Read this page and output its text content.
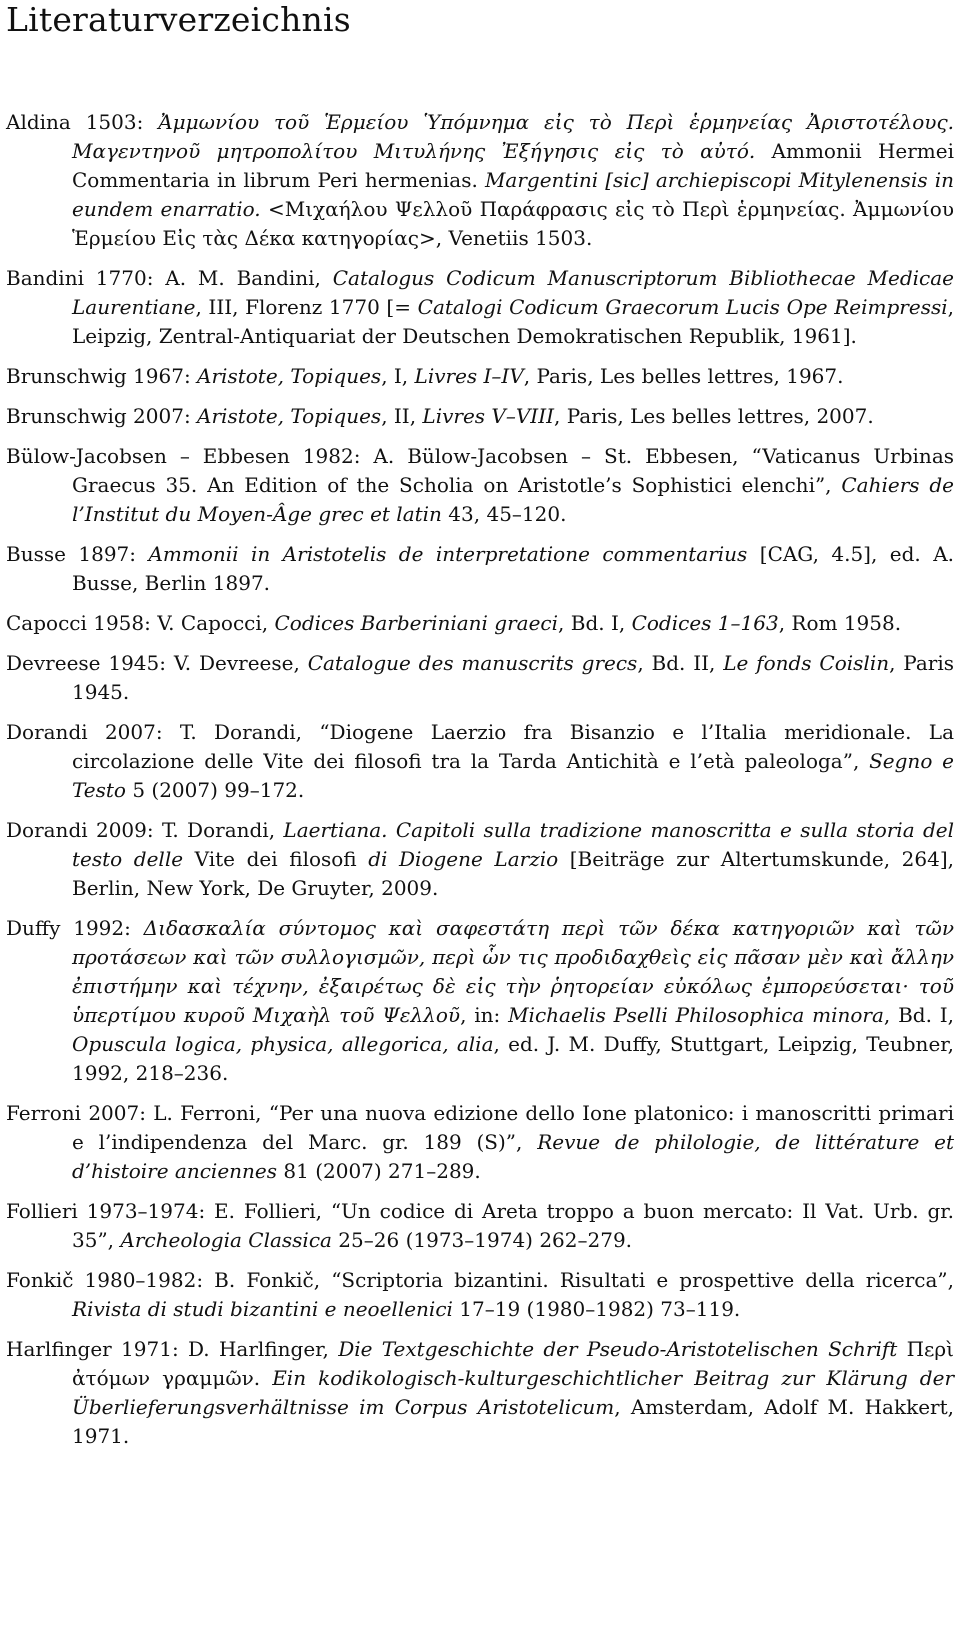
Literaturverzeichnis

Aldina 1503: Ἀμμωνίου τοῦ Ἑρμείου Ὑπόμνημα εἰς τὸ Περὶ ἑρμηνείας Ἀριστοτέλους. Μαγεντηνοῦ μητροπολίτου Μιτυλήνης Ἐξήγησις εἰς τὸ αὐτό. Ammonii Hermei Commentaria in librum Peri hermenias. Margentini [sic] archiepiscopi Mitylenensis in eundem enarratio. <Μιχαήλου Ψελλοῦ Παράφρασις εἰς τὸ Περὶ ἑρμηνείας. Ἀμμωνίου Ἑρμείου Εἰς τὰς Δέκα κατηγορίας>, Venetiis 1503.

Bandini 1770: A. M. Bandini, Catalogus Codicum Manuscriptorum Bibliothecae Medicae Laurentiane, III, Florenz 1770 [= Catalogi Codicum Graecorum Lucis Ope Reimpressi, Leipzig, Zentral-Antiquariat der Deutschen Demokratischen Republik, 1961].

Brunschwig 1967: Aristote, Topiques, I, Livres I–IV, Paris, Les belles lettres, 1967.

Brunschwig 2007: Aristote, Topiques, II, Livres V–VIII, Paris, Les belles lettres, 2007.

Bülow-Jacobsen – Ebbesen 1982: A. Bülow-Jacobsen – St. Ebbesen, “Vaticanus Urbinas Graecus 35. An Edition of the Scholia on Aristotle’s Sophistici elenchi”, Cahiers de l’Institut du Moyen-Âge grec et latin 43, 45–120.

Busse 1897: Ammonii in Aristotelis de interpretatione commentarius [CAG, 4.5], ed. A. Busse, Berlin 1897.

Capocci 1958: V. Capocci, Codices Barberiniani graeci, Bd. I, Codices 1–163, Rom 1958.

Devreese 1945: V. Devreese, Catalogue des manuscrits grecs, Bd. II, Le fonds Coislin, Paris 1945.

Dorandi 2007: T. Dorandi, “Diogene Laerzio fra Bisanzio e l’Italia meridionale. La circolazione delle Vite dei filosofi tra la Tarda Antichità e l’età paleologa”, Segno e Testo 5 (2007) 99–172.

Dorandi 2009: T. Dorandi, Laertiana. Capitoli sulla tradizione manoscritta e sulla storia del testo delle Vite dei filosofi di Diogene Larzio [Beiträge zur Altertumskunde, 264], Berlin, New York, De Gruyter, 2009.

Duffy 1992: Διδασκαλία σύντομος καὶ σαφεστάτη περὶ τῶν δέκα κατηγοριῶν καὶ τῶν προτάσεων καὶ τῶν συλλογισμῶν, περὶ ὧν τις προδιδαχθεὶς εἰς πᾶσαν μὲν καὶ ἄλλην ἐπιστήμην καὶ τέχνην, ἐξαιρέτως δὲ εἰς τὴν ῥητορείαν εὐκόλως ἐμπορεύσεται· τοῦ ὑπερτίμου κυροῦ Μιχαὴλ τοῦ Ψελλοῦ, in: Michaelis Pselli Philosophica minora, Bd. I, Opuscula logica, physica, allegorica, alia, ed. J. M. Duffy, Stuttgart, Leipzig, Teubner, 1992, 218–236.

Ferroni 2007: L. Ferroni, “Per una nuova edizione dello Ione platonico: i manoscritti primari e l’indipendenza del Marc. gr. 189 (S)”, Revue de philologie, de littérature et d’histoire anciennes 81 (2007) 271–289.

Follieri 1973–1974: E. Follieri, “Un codice di Areta troppo a buon mercato: Il Vat. Urb. gr. 35”, Archeologia Classica 25–26 (1973–1974) 262–279.

Fonkič 1980–1982: B. Fonkič, “Scriptoria bizantini. Risultati e prospettive della ricerca”, Rivista di studi bizantini e neoellenici 17–19 (1980–1982) 73–119.

Harlfinger 1971: D. Harlfinger, Die Textgeschichte der Pseudo-Aristotelischen Schrift Περὶ ἀτόμων γραμμῶν. Ein kodikologisch-kulturgeschichtlicher Beitrag zur Klärung der Überlieferungsverhältnisse im Corpus Aristotelicum, Amsterdam, Adolf M. Hakkert, 1971.
